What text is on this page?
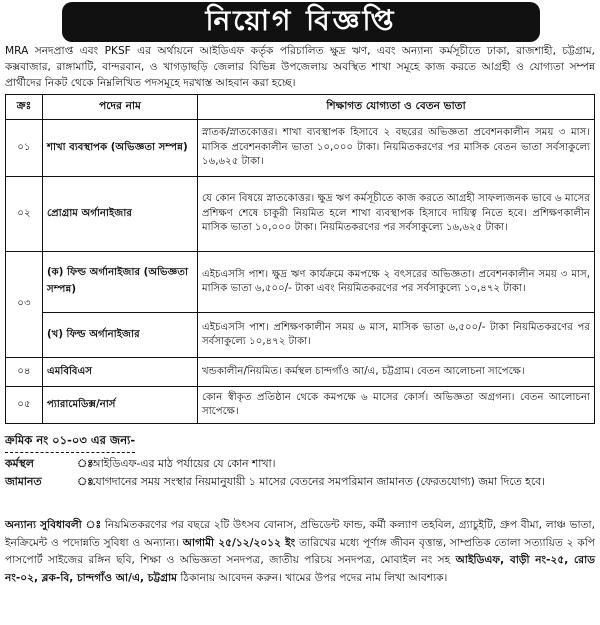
নিয়োগ বিজ্ঞপ্তি
MRA সনদপ্রাপ্ত এবং PKSF এর অর্থায়নে আইডিএফ কর্তৃক পরিচালিত ক্ষুদ্র ঋণ, এবং অন্যান্য কর্মসূচীতে ঢাকা, রাজশাহী, চট্টগ্রাম, কক্সবাজার, রাঙ্গামাটি, বান্দরবান, ও খাগড়াছড়ি জেলার বিভিন্ন উপজেলায় অবস্থিত শাখা সমূহে কাজ করতে আগ্রহী ও যোগ্যতা সম্পন্ন প্রার্থীদের নিকট থেকে নিম্নলিখিত পদসমূহে দরখাস্ত আহবান করা হচ্ছে।
ক্রঃ	পদের নাম	শিক্ষাগত যোগ্যতা ও বেতন ভাতা
০১	শাখা ব্যবস্থাপক (অভিজ্ঞতা সম্পন্ন)	স্নাতক/স্নাতকোত্তর। শাখা ব্যবস্থাপক হিসাবে ২ বছরের অভিজ্ঞতা প্রবেশনকালীন সময় ৩ মাস। মাসিক প্রবেশনকালীন ভাতা ১০,০০০ টাকা। নিয়মিতকরণের পর মাসিক বেতন ভাতা সর্বসাকুল্যে ১৬,৬২৫ টাকা।
০২	প্রোগ্রাম অর্গানাইজার	যে কোন বিষয়ে স্নাতকোত্তর। ক্ষুদ্র ঋণ কর্মসূচীতে কাজ করতে আগ্রহী সাফল্যজনক ভাবে ৬ মাসের প্রশিক্ষণ শেষে চাকুরী নিয়মিত হলে শাখা ব্যবস্থাপক হিসাবে দায়িত্ব নিতে হবে। প্রশিক্ষণকালীন মাসিক ভাতা ১০,০০০ টাকা। নিয়মিতকরণের পর সর্বসাকুল্যে ১৬,৬২৫ টাকা।
০৩	(ক) ফিল্ড অর্গানাইজার (অভিজ্ঞতা সম্পন্ন)	এইচএসসি পাশ। ক্ষুদ্র ঋণ কার্যক্রমে কমপক্ষে ২ বৎসরের অভিজ্ঞতা। প্রবেশনকালীন সময় ৩ মাস, মাসিক ভাতা ৬,৫০০/- টাকা এবং নিয়মিতকরণের পর সর্বসাকুল্যে ১০,৪৭২ টাকা।
	(খ) ফিল্ড অর্গানাইজার	এইচএসসি পাশ। প্রশিক্ষণকালীন সময় ৬ মাস, মাসিক ভাতা ৬,৫০০/- টাকা নিয়মিতকরণের পর সর্বসাকুল্যে ১০,৪৭২ টাকা।
০৪	এমবিবিএস	খন্ডকালীন/নিয়মিত। কর্মস্থল চান্দগাঁও আ/এ, চট্টগ্রাম। বেতন আলোচনা সাপেক্ষে।
০৫	প্যারামেডিক্স/নার্স	কোন স্বীকৃত প্রতিষ্ঠান থেকে কমপক্ষে ৬ মাসের কোর্স। অভিজ্ঞতা অগ্রগন্য। বেতন আলোচনা সাপেক্ষে।
ক্রমিক নং ০১-০৩ এর জন্য-
কর্মস্থল	ঃআইডিএফ-এর মাঠ পর্যায়ের যে কোন শাখা।
জামানত	ঃযোগদানের সময় সংস্থার নিয়মানুযায়ী ১ মাসের বেতনের সমপরিমান জামানত (ফেরতযোগ্য) জমা দিতে হবে।
অন্যান্য সুবিধাবলী ঃ নিয়মিতকরণের পর বছরে ২টি উৎসব বোনাস, প্রভিডেন্ট ফান্ড, কর্মী কল্যাণ তহবিল, গ্র্যাচুইটি, গ্রুপ বীমা, লাঞ্চ ভাতা, ইনক্রিমেন্ট ও পদোন্নতি সুবিধা ও অন্যান্য। আগামী ২৫/১২/২০১২ ইং তারিখের মধ্যে পূর্ণাঙ্গ জীবন বৃত্তান্ত, সাম্প্রতিক তোলা সত্যায়িত ২ কপি পাসপোর্ট সাইজের রঙ্গিন ছবি, শিক্ষা ও অভিজ্ঞতা সনদপত্র, জাতীয় পরিচয় সনদপত্র, মোবাইল নং সহ আইডিএফ, বাড়ী নং-২৫, রোড নং-০২, ব্লক-বি, চান্দগাঁও আ/এ, চট্টগ্রাম ঠিকানায় আবেদন করুন। খামের উপর পদের নাম লিখা আবশ্যক।
